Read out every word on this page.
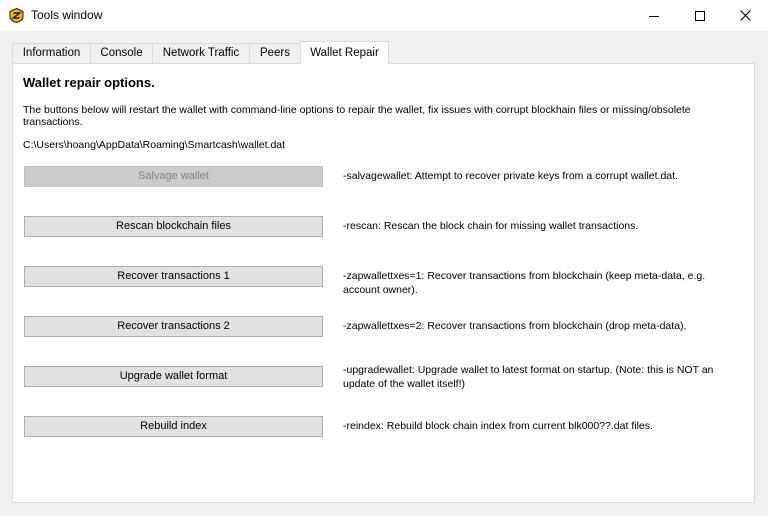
Tools window
Information	Console	Network Traffic	Peers	Wallet Repair
Wallet repair options.
The buttons below will restart the wallet with command-line options to repair the wallet, fix issues with corrupt blockhain files or missing/obsolete transactions.
C:\Users\hoang\AppData\Roaming\Smartcash\wallet.dat
Salvage wallet	-salvagewallet: Attempt to recover private keys from a corrupt wallet.dat.
Rescan blockchain files	-rescan: Rescan the block chain for missing wallet transactions.
Recover transactions 1	-zapwallettxes=1: Recover transactions from blockchain (keep meta-data, e.g. account owner).
Recover transactions 2	-zapwallettxes=2: Recover transactions from blockchain (drop meta-data).
Upgrade wallet format	-upgradewallet: Upgrade wallet to latest format on startup. (Note: this is NOT an update of the wallet itself!)
Rebuild index	-reindex: Rebuild block chain index from current blk000??.dat files.
